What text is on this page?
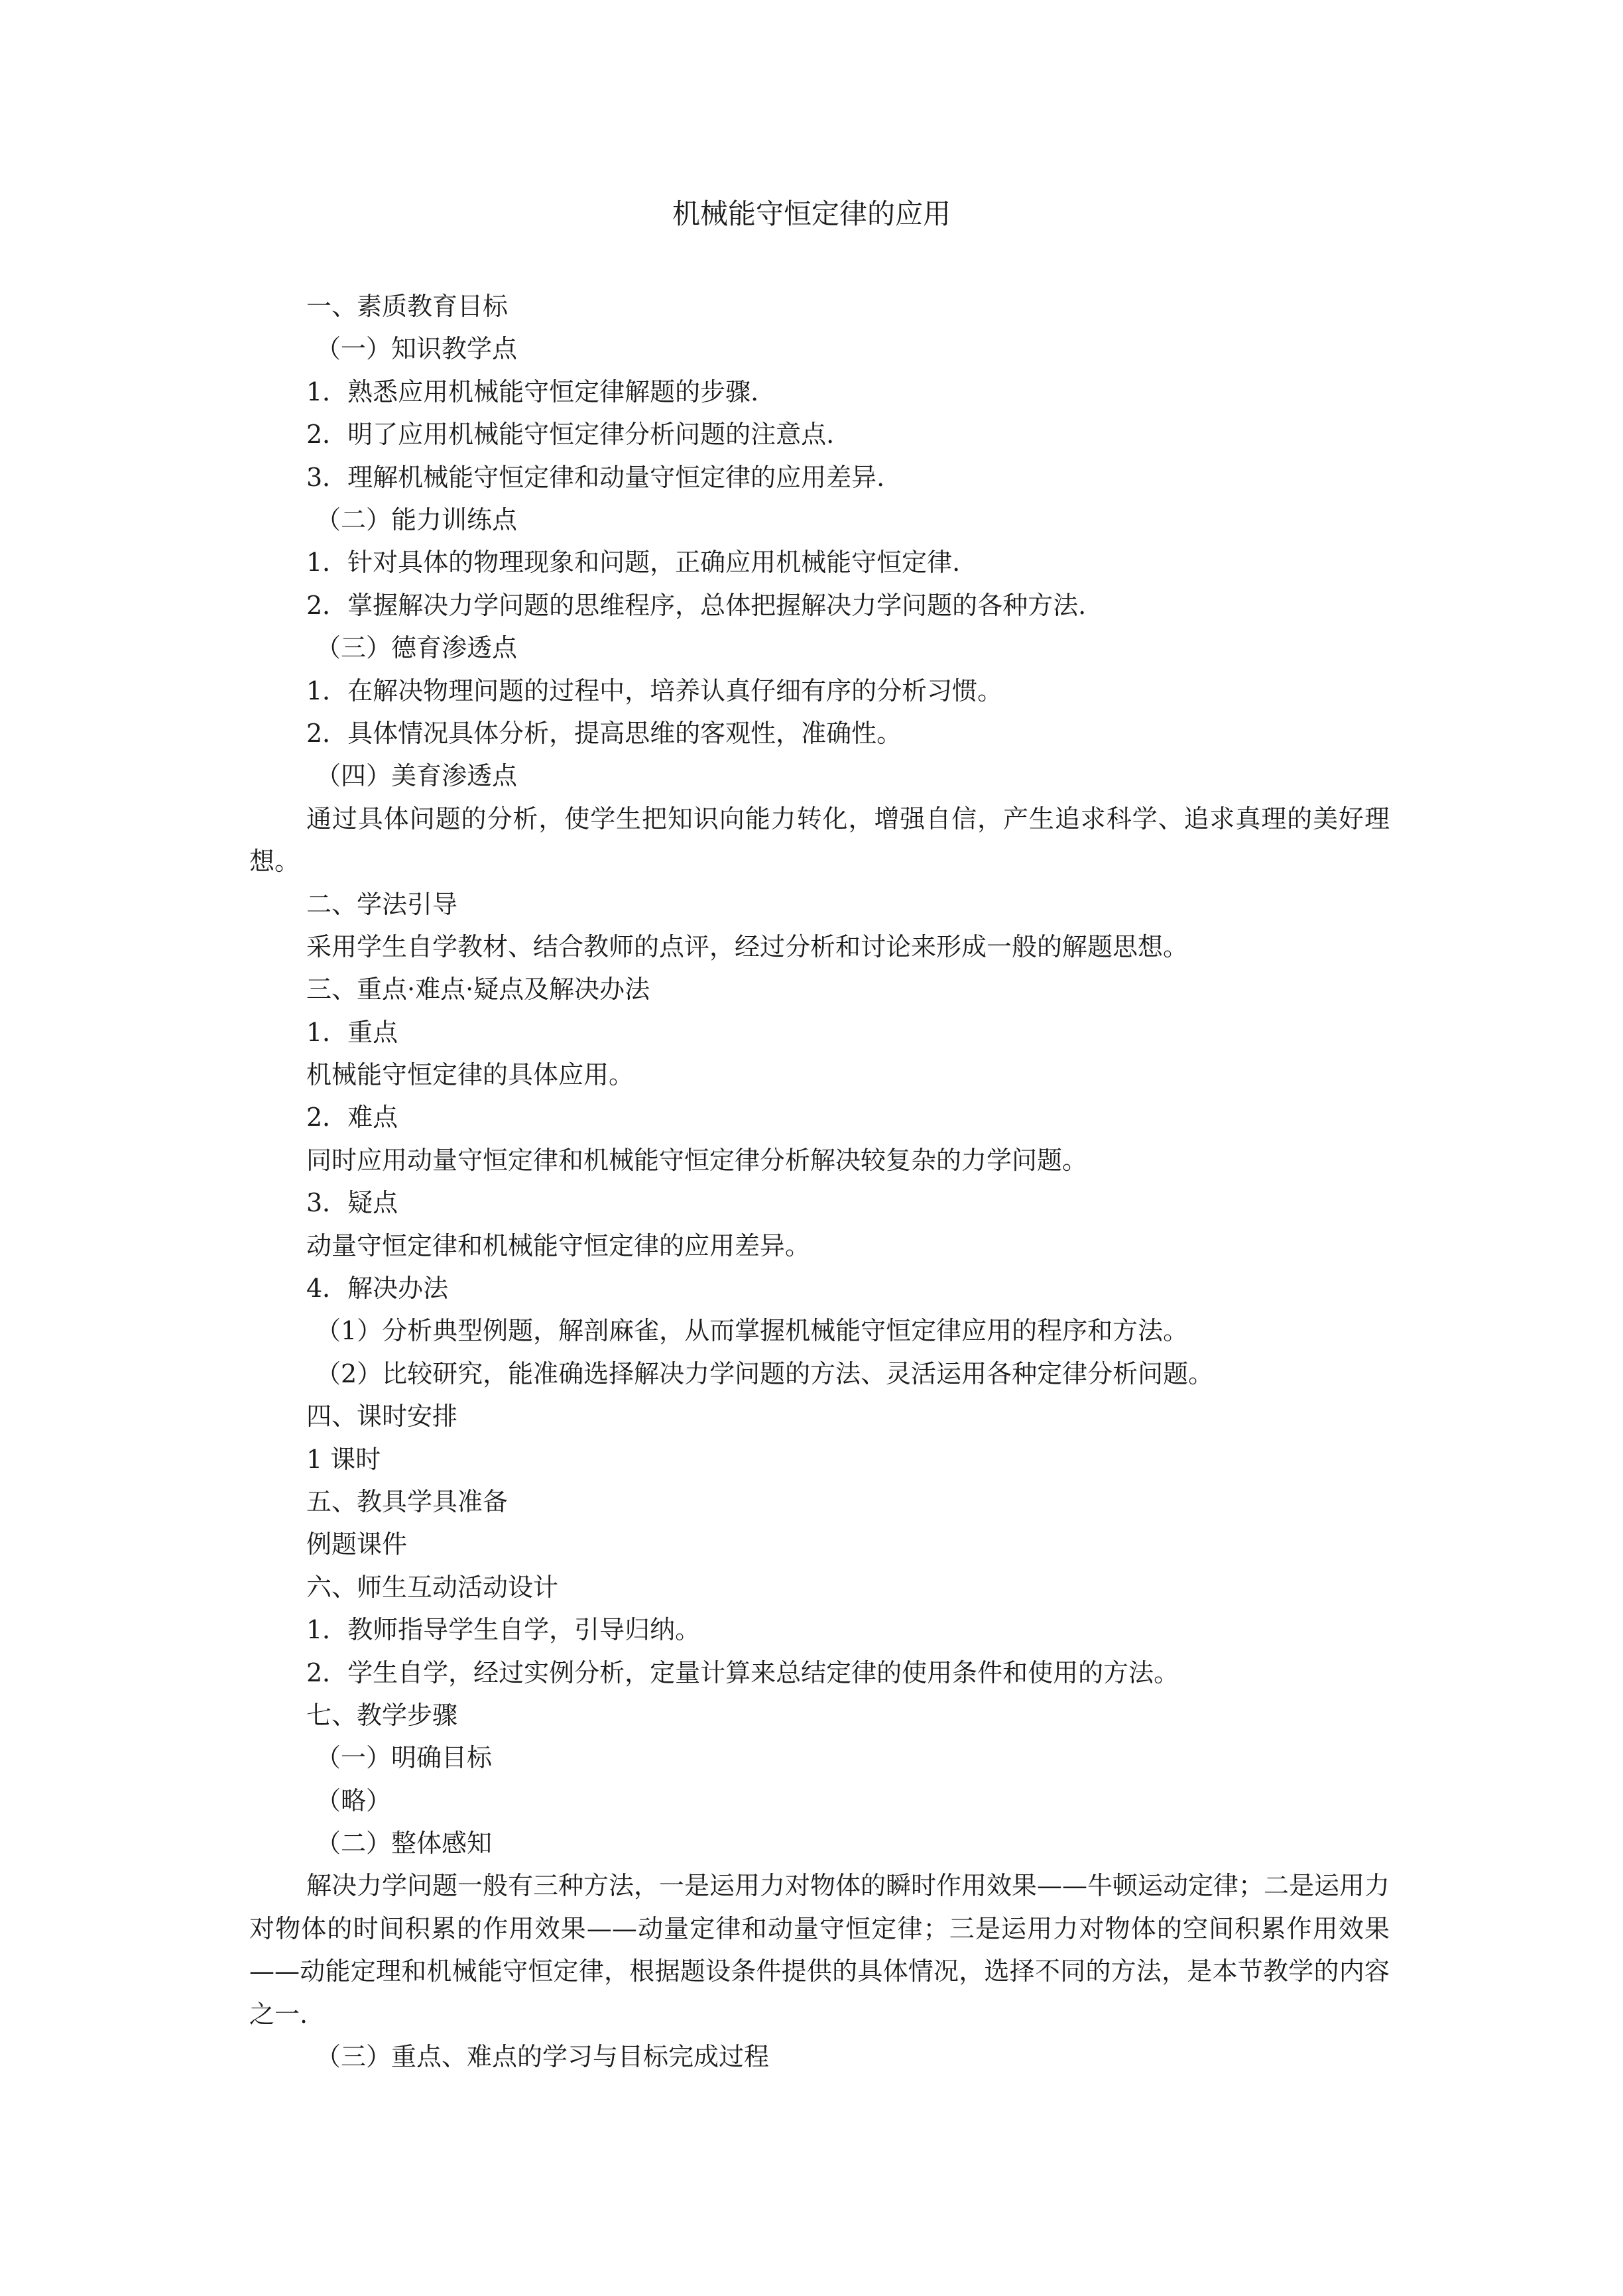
机械能守恒定律的应用
一、素质教育目标
（一）知识教学点
1．熟悉应用机械能守恒定律解题的步骤.
2．明了应用机械能守恒定律分析问题的注意点.
3．理解机械能守恒定律和动量守恒定律的应用差异.
（二）能力训练点
1．针对具体的物理现象和问题，正确应用机械能守恒定律.
2．掌握解决力学问题的思维程序，总体把握解决力学问题的各种方法.
（三）德育渗透点
1．在解决物理问题的过程中，培养认真仔细有序的分析习惯。
2．具体情况具体分析，提高思维的客观性，准确性。
（四）美育渗透点
通过具体问题的分析，使学生把知识向能力转化，增强自信，产生追求科学、追求真理的美好理想。
二、学法引导
采用学生自学教材、结合教师的点评，经过分析和讨论来形成一般的解题思想。
三、重点·难点·疑点及解决办法
1．重点
机械能守恒定律的具体应用。
2．难点
同时应用动量守恒定律和机械能守恒定律分析解决较复杂的力学问题。
3．疑点
动量守恒定律和机械能守恒定律的应用差异。
4．解决办法
（1）分析典型例题，解剖麻雀，从而掌握机械能守恒定律应用的程序和方法。
（2）比较研究，能准确选择解决力学问题的方法、灵活运用各种定律分析问题。
四、课时安排
1 课时
五、教具学具准备
例题课件
六、师生互动活动设计
1．教师指导学生自学，引导归纳。
2．学生自学，经过实例分析，定量计算来总结定律的使用条件和使用的方法。
七、教学步骤
（一）明确目标
（略）
（二）整体感知
解决力学问题一般有三种方法，一是运用力对物体的瞬时作用效果——牛顿运动定律；二是运用力对物体的时间积累的作用效果——动量定律和动量守恒定律；三是运用力对物体的空间积累作用效果——动能定理和机械能守恒定律，根据题设条件提供的具体情况，选择不同的方法，是本节教学的内容之一.
（三）重点、难点的学习与目标完成过程
